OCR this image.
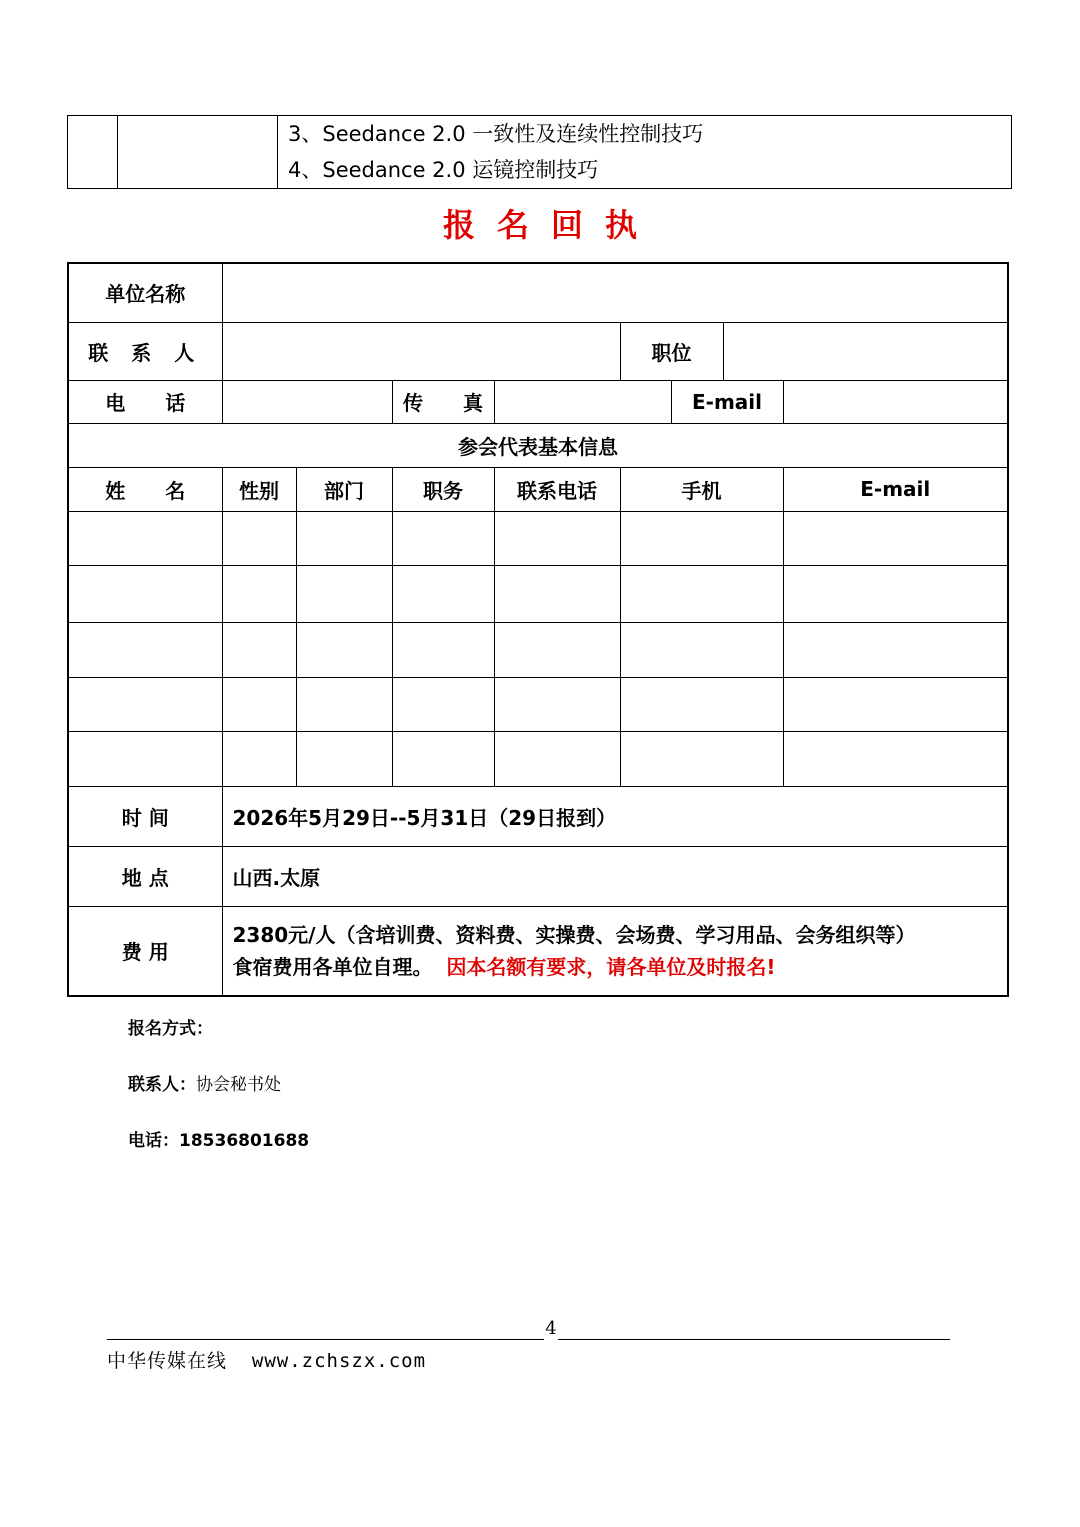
3、Seedance 2.0 一致性及连续性控制技巧
4、Seedance 2.0 运镜控制技巧
报名回执
单位名称								
联 系 人					职位			
电　　话			传　　真			E-mail		
参会代表基本信息								
姓　　名	性别	部门	职务	联系电话	手机			E-mail

时 间	2026年5月29日--5月31日（29日报到）							
地 点	山西.太原							
费 用	2380元/人（含培训费、资料费、实操费、会场费、学习用品、会务组织等）
食宿费用各单位自理。 因本名额有要求，请各单位及时报名!							
报名方式：
联系人：协会秘书处
电话：18536801688
4
中华传媒在线 www.zchszx.com
